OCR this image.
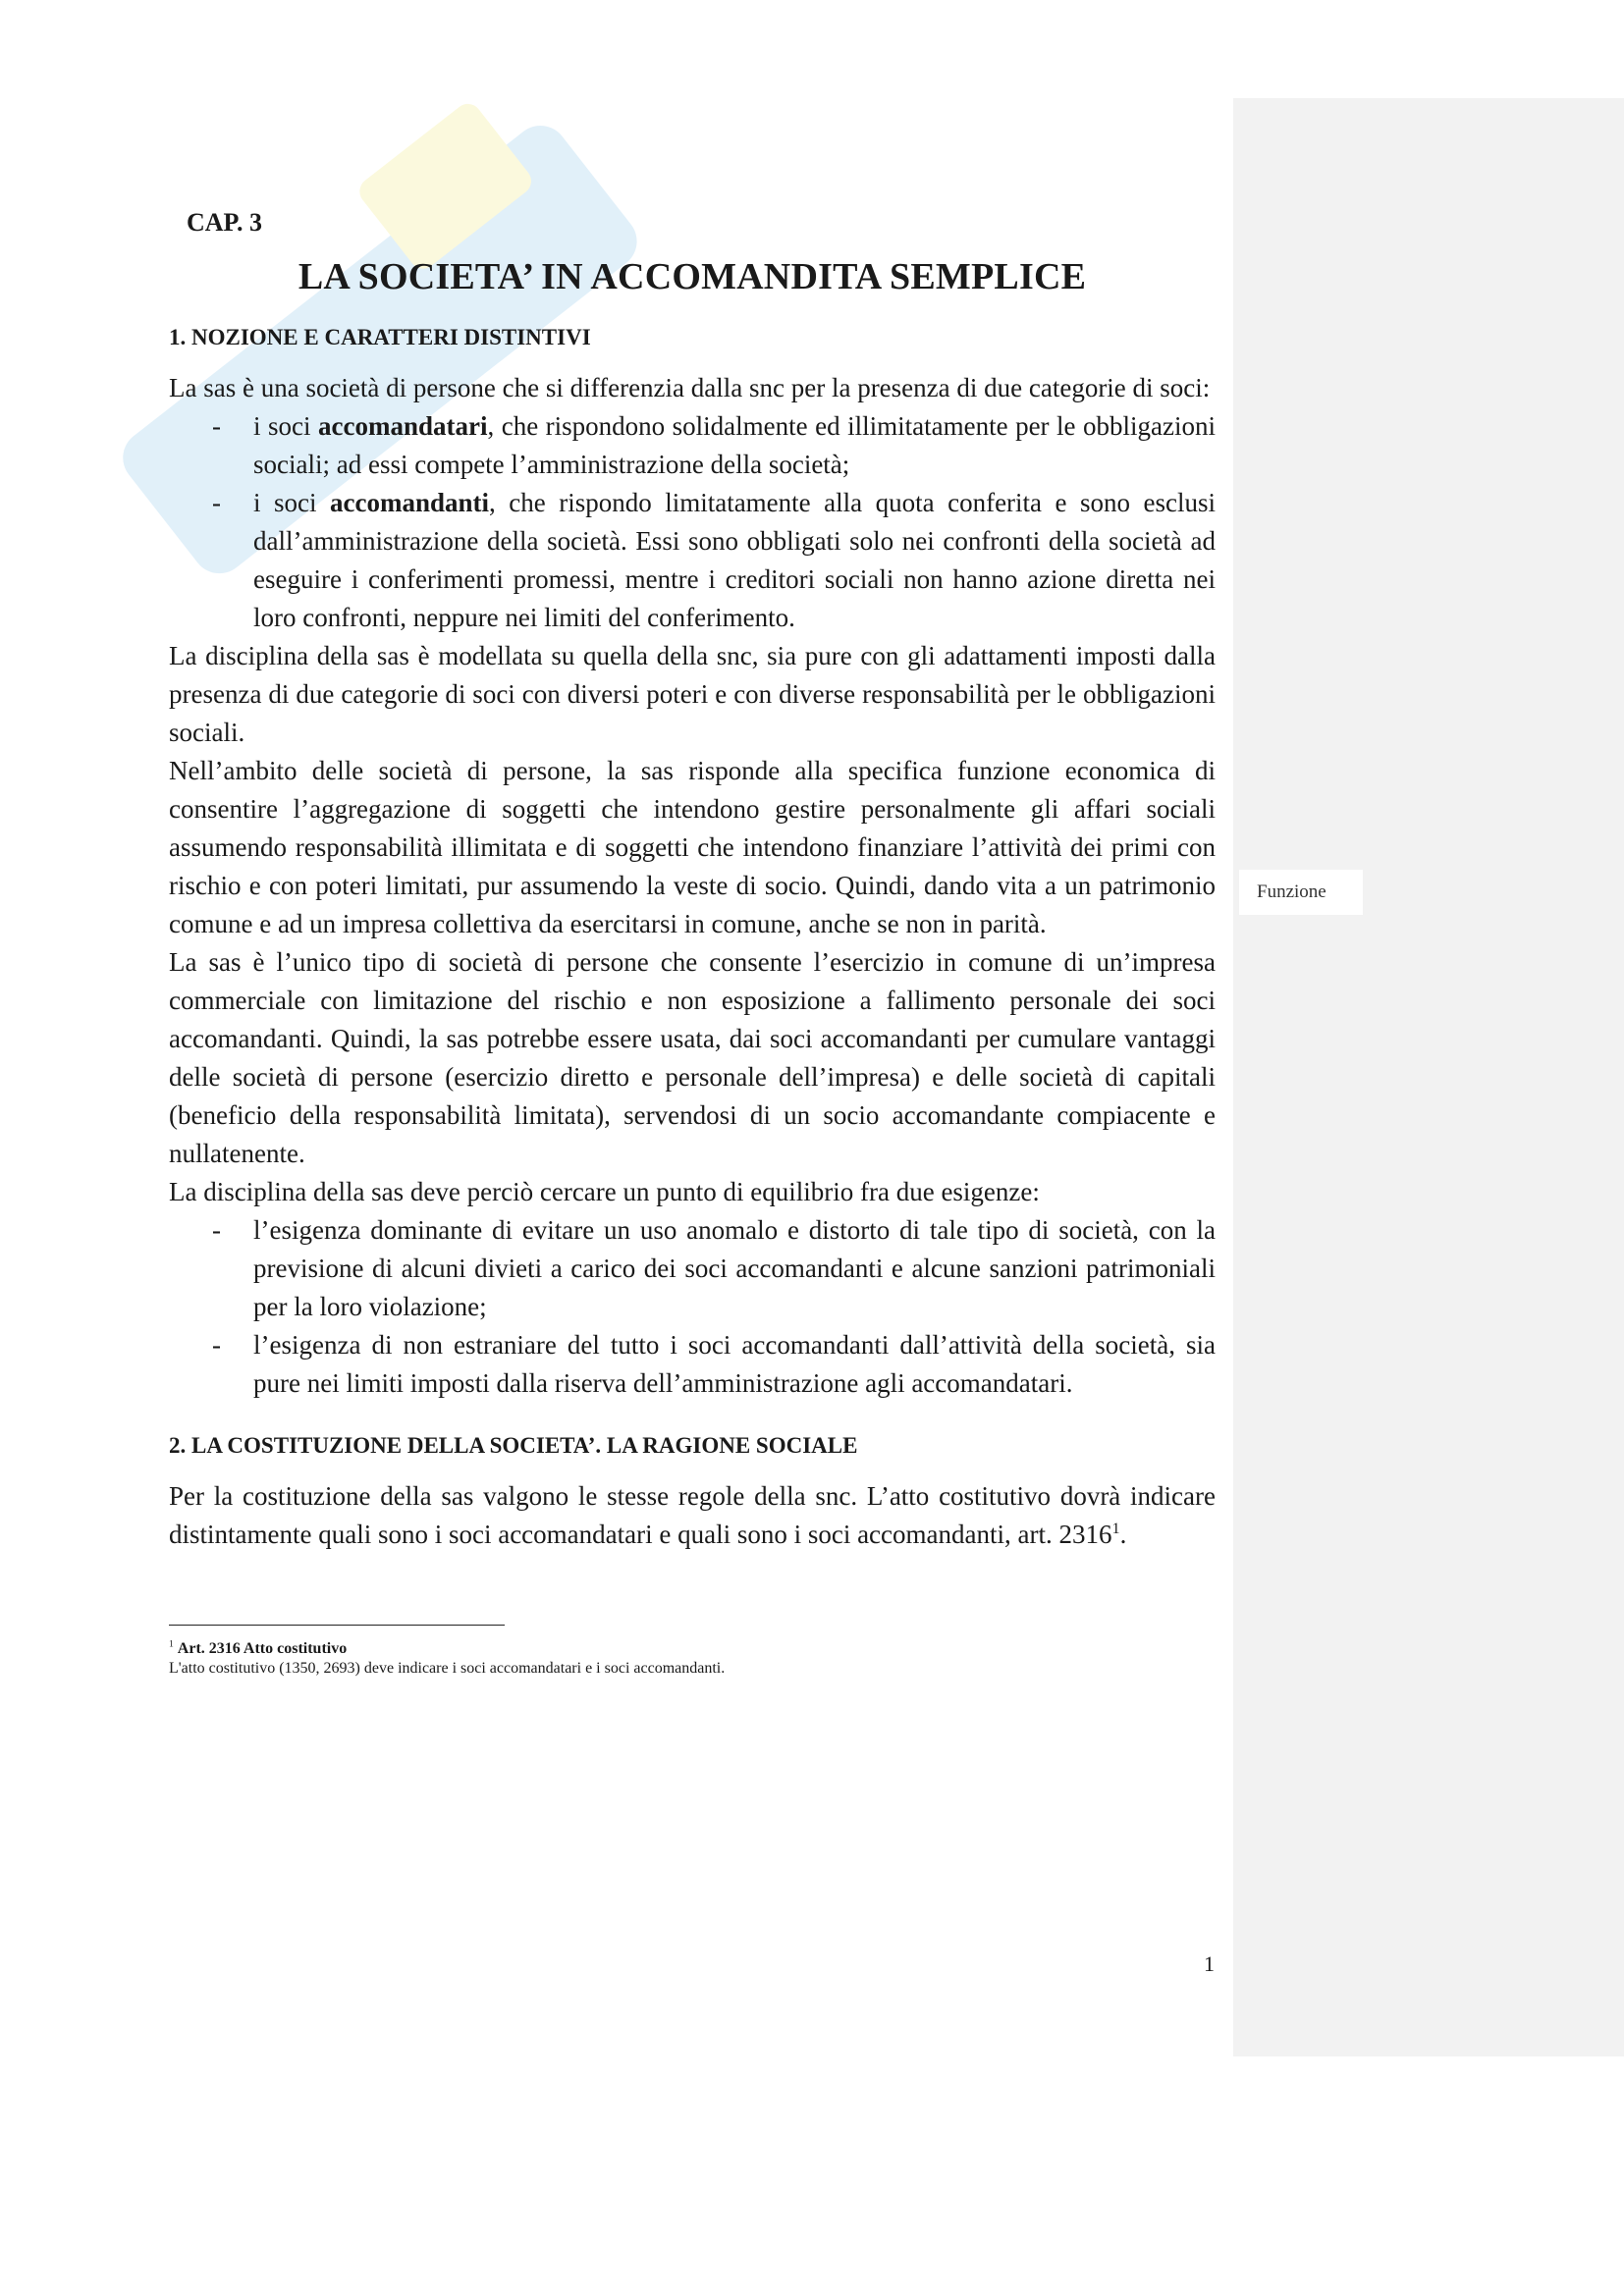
Funzione
Skuola.net il mondo dello studente
CAP. 3
LA SOCIETA’ IN ACCOMANDITA SEMPLICE
1. NOZIONE E CARATTERI DISTINTIVI

La sas è una società di persone che si differenzia dalla snc per la presenza di due categorie di soci:

- i soci accomandatari, che rispondono solidalmente ed illimitatamente per le obbligazioni sociali; ad essi compete l’amministrazione della società;
- i soci accomandanti, che rispondo limitatamente alla quota conferita e sono esclusi dall’amministrazione della società. Essi sono obbligati solo nei confronti della società ad eseguire i conferimenti promessi, mentre i creditori sociali non hanno azione diretta nei loro confronti, neppure nei limiti del conferimento.

La disciplina della sas è modellata su quella della snc, sia pure con gli adattamenti imposti dalla presenza di due categorie di soci con diversi poteri e con diverse responsabilità per le obbligazioni sociali.

Nell’ambito delle società di persone, la sas risponde alla specifica funzione economica di consentire l’aggregazione di soggetti che intendono gestire personalmente gli affari sociali assumendo responsabilità illimitata e di soggetti che intendono finanziare l’attività dei primi con rischio e con poteri limitati, pur assumendo la veste di socio. Quindi, dando vita a un patrimonio comune e ad un impresa collettiva da esercitarsi in comune, anche se non in parità.

La sas è l’unico tipo di società di persone che consente l’esercizio in comune di un’impresa commerciale con limitazione del rischio e non esposizione a fallimento personale dei soci accomandanti. Quindi, la sas potrebbe essere usata, dai soci accomandanti per cumulare vantaggi delle società di persone (esercizio diretto e personale dell’impresa) e delle società di capitali (beneficio della responsabilità limitata), servendosi di un socio accomandante compiacente e nullatenente.

La disciplina della sas deve perciò cercare un punto di equilibrio fra due esigenze:

- l’esigenza dominante di evitare un uso anomalo e distorto di tale tipo di società, con la previsione di alcuni divieti a carico dei soci accomandanti e alcune sanzioni patrimoniali per la loro violazione;
- l’esigenza di non estraniare del tutto i soci accomandanti dall’attività della società, sia pure nei limiti imposti dalla riserva dell’amministrazione agli accomandatari.
2. LA COSTITUZIONE DELLA SOCIETA’. LA RAGIONE SOCIALE

Per la costituzione della sas valgono le stesse regole della snc. L’atto costitutivo dovrà indicare distintamente quali sono i soci accomandatari e quali sono i soci accomandanti, art. 2316$^1$.

$^1$ Art. 2316 Atto costitutivo

L'atto costitutivo (1350, 2693) deve indicare i soci accomandatari e i soci accomandanti.

1
